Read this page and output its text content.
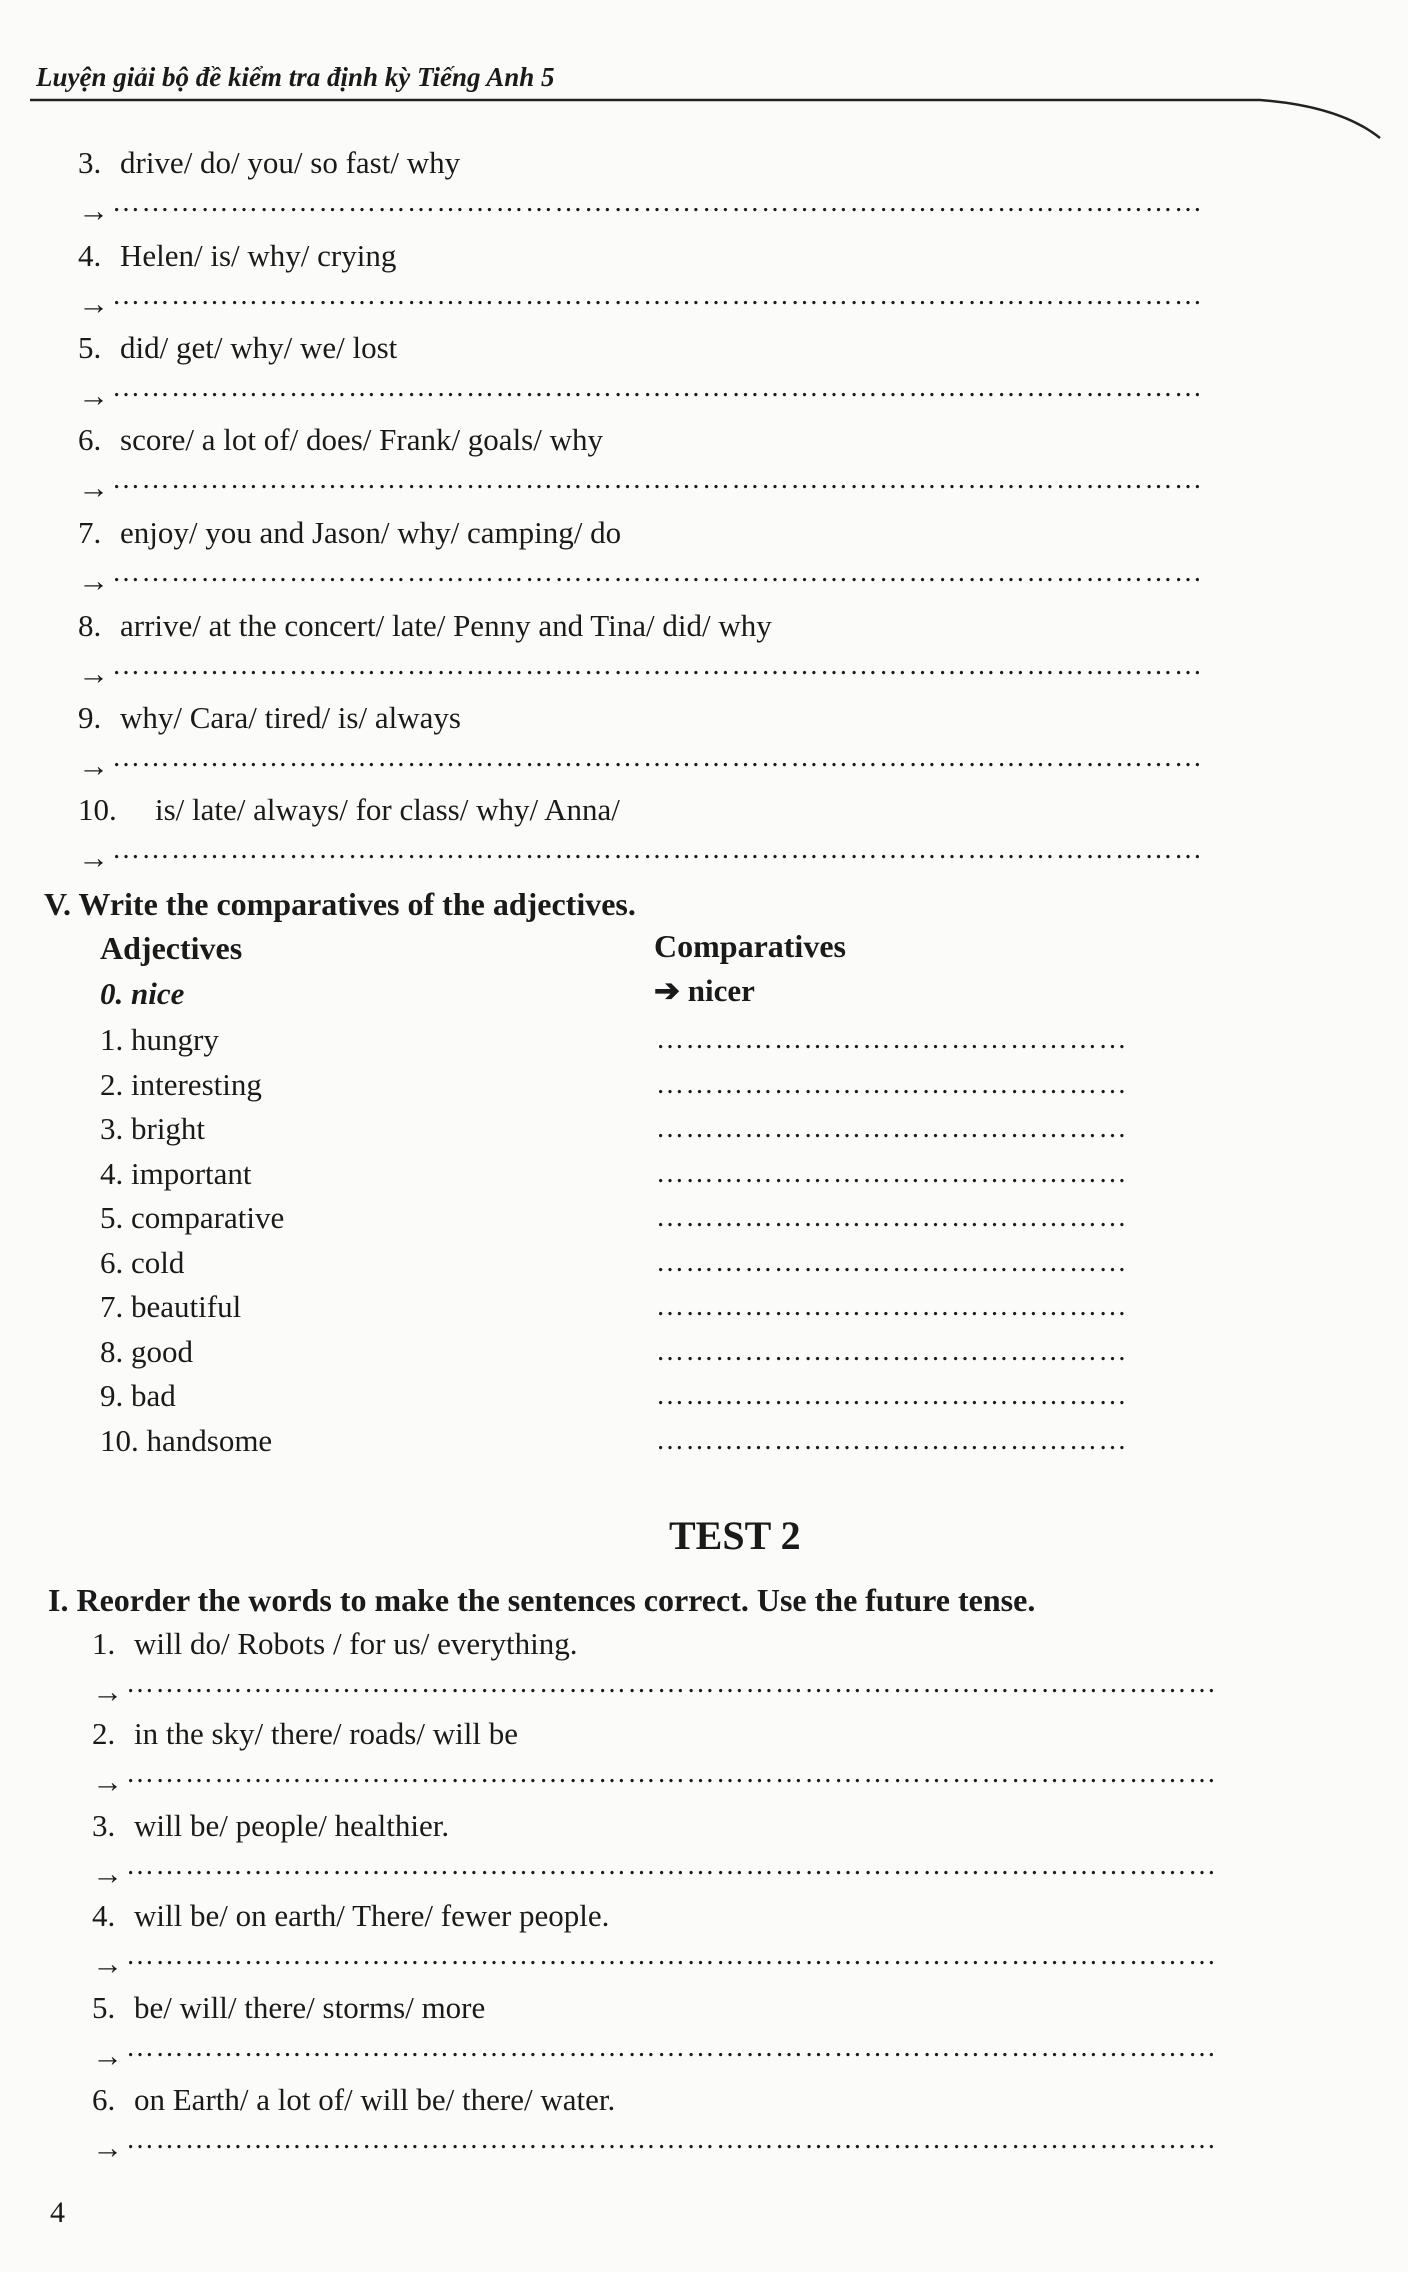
Luyện giải bộ đề kiểm tra định kỳ Tiếng Anh 5
3. drive/ do/ you/ so fast/ why
→ …………………………………………………………………………………………………
4. Helen/ is/ why/ crying
→ …………………………………………………………………………………………………
5. did/ get/ why/ we/ lost
→ …………………………………………………………………………………………………
6. score/ a lot of/ does/ Frank/ goals/ why
→ …………………………………………………………………………………………………
7. enjoy/ you and Jason/ why/ camping/ do
→ …………………………………………………………………………………………………
8. arrive/ at the concert/ late/ Penny and Tina/ did/ why
→ …………………………………………………………………………………………………
9. why/ Cara/ tired/ is/ always
→ …………………………………………………………………………………………………
10. is/ late/ always/ for class/ why/ Anna/
→ …………………………………………………………………………………………………
V. Write the comparatives of the adjectives.
Adjectives	Comparatives
0. nice	➔ nicer
1. hungry	…………………………………………
2. interesting	…………………………………………
3. bright	…………………………………………
4. important	…………………………………………
5. comparative	…………………………………………
6. cold	…………………………………………
7. beautiful	…………………………………………
8. good	…………………………………………
9. bad	…………………………………………
10. handsome	…………………………………………
TEST 2
I. Reorder the words to make the sentences correct. Use the future tense.
1. will do/ Robots / for us/ everything.
→ …………………………………………………………………………………………………
2. in the sky/ there/ roads/ will be
→ …………………………………………………………………………………………………
3. will be/ people/ healthier.
→ …………………………………………………………………………………………………
4. will be/ on earth/ There/ fewer people.
→ …………………………………………………………………………………………………
5. be/ will/ there/ storms/ more
→ …………………………………………………………………………………………………
6. on Earth/ a lot of/ will be/ there/ water.
→ …………………………………………………………………………………………………
4
